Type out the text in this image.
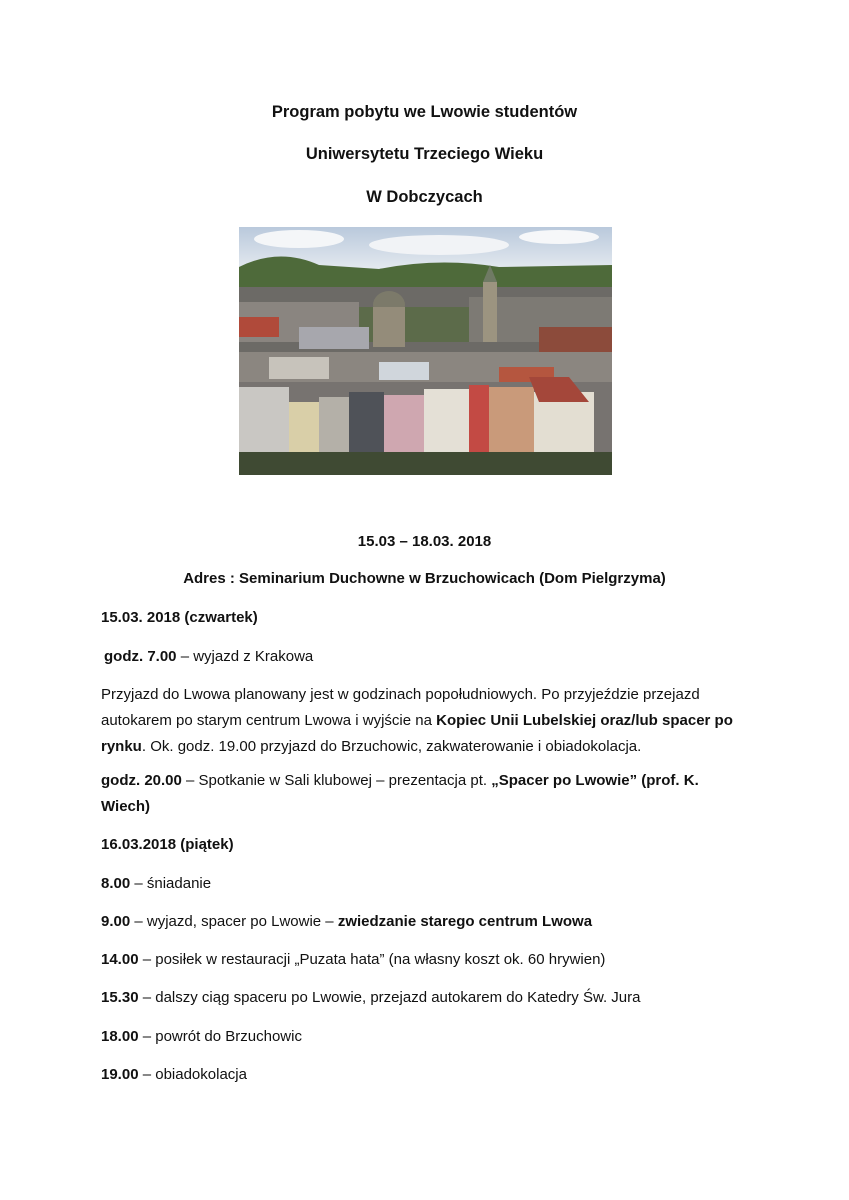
Program pobytu we Lwowie studentów
Uniwersytetu Trzeciego Wieku
W Dobczycach
15.03 – 18.03. 2018
Adres : Seminarium Duchowne w Brzuchowicach (Dom Pielgrzyma)
15.03. 2018 (czwartek)
godz. 7.00 – wyjazd z Krakowa
Przyjazd do Lwowa planowany jest w godzinach popołudniowych. Po przyjeździe przejazd autokarem po starym centrum Lwowa i wyjście na Kopiec Unii Lubelskiej oraz/lub spacer po rynku. Ok. godz. 19.00 przyjazd do Brzuchowic, zakwaterowanie i obiadokolacja.
godz. 20.00 – Spotkanie w Sali klubowej – prezentacja pt. „Spacer po Lwowie” (prof. K. Wiech)
16.03.2018 (piątek)
8.00 – śniadanie
9.00 – wyjazd, spacer po Lwowie – zwiedzanie starego centrum Lwowa
14.00 – posiłek w restauracji „Puzata hata” (na własny koszt ok. 60 hrywien)
15.30 – dalszy ciąg spaceru po Lwowie, przejazd autokarem do Katedry Św. Jura
18.00 – powrót do Brzuchowic
19.00 – obiadokolacja
